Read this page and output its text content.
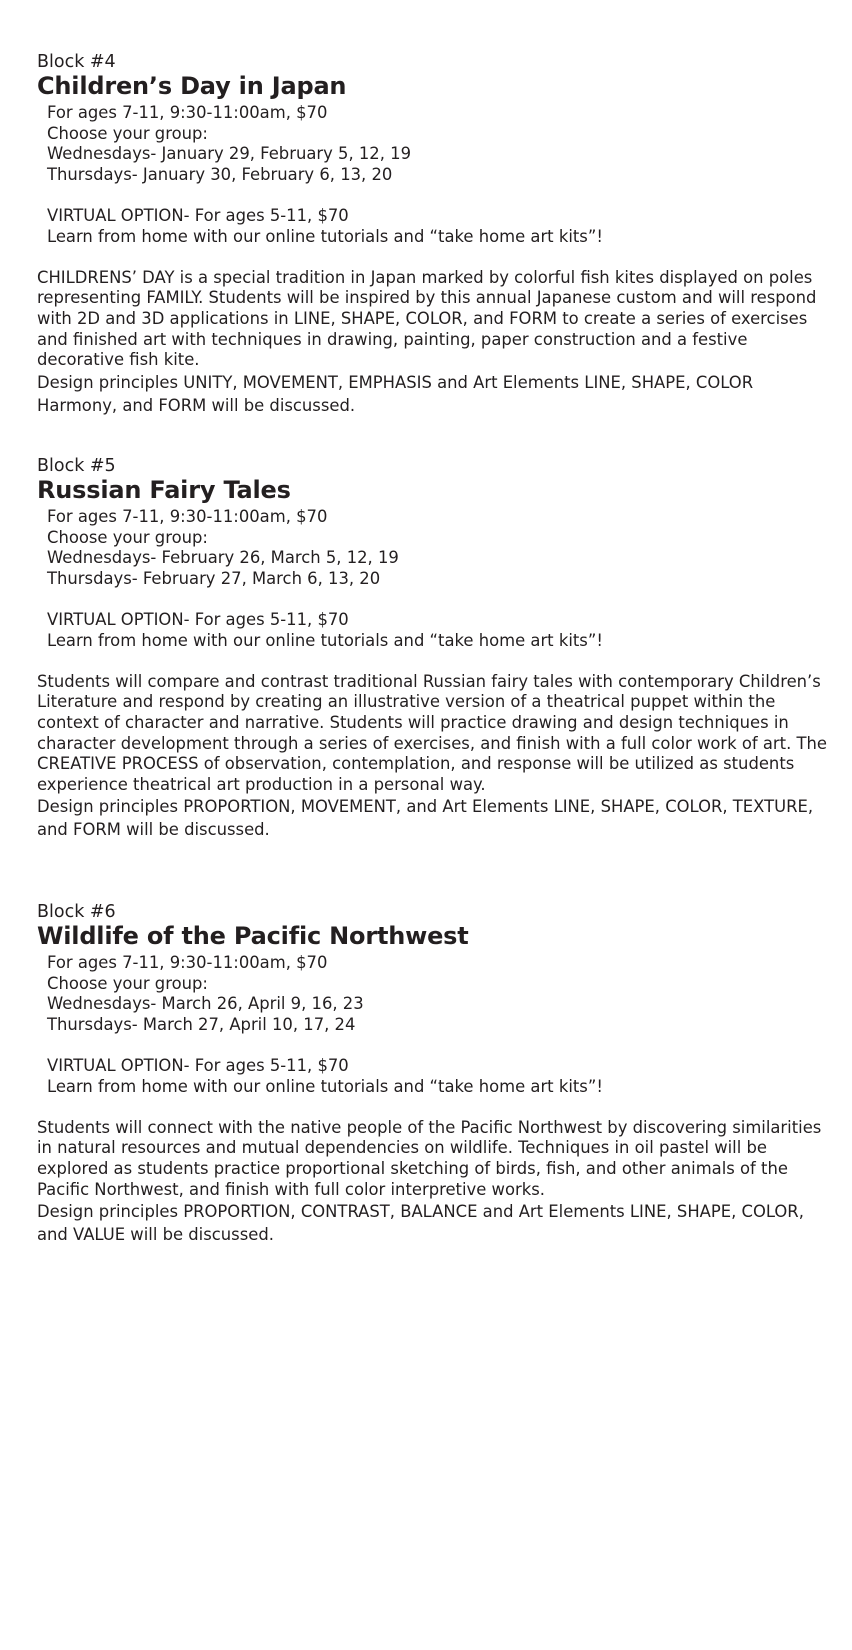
Block #4
Children’s Day in Japan
For ages 7-11, 9:30-11:00am, $70
Choose your group:
Wednesdays- January 29, February 5, 12, 19
Thursdays- January 30, February 6, 13, 20
VIRTUAL OPTION- For ages 5-11, $70
Learn from home with our online tutorials and “take home art kits”!

CHILDRENS’ DAY is a special tradition in Japan marked by colorful fish kites displayed on poles representing FAMILY. Students will be inspired by this annual Japanese custom and will respond with 2D and 3D applications in LINE, SHAPE, COLOR, and FORM to create a series of exercises and finished art with techniques in drawing, painting, paper construction and a festive decorative fish kite.

Design principles UNITY, MOVEMENT, EMPHASIS and Art Elements LINE, SHAPE, COLOR Harmony, and FORM will be discussed.

Block #5
Russian Fairy Tales
For ages 7-11, 9:30-11:00am, $70
Choose your group:
Wednesdays- February 26, March 5, 12, 19
Thursdays- February 27, March 6, 13, 20
VIRTUAL OPTION- For ages 5-11, $70
Learn from home with our online tutorials and “take home art kits”!

Students will compare and contrast traditional Russian fairy tales with contemporary Children’s Literature and respond by creating an illustrative version of a theatrical puppet within the context of character and narrative. Students will practice drawing and design techniques in character development through a series of exercises, and finish with a full color work of art. The CREATIVE PROCESS of observation, contemplation, and response will be utilized as students experience theatrical art production in a personal way.

Design principles PROPORTION, MOVEMENT, and Art Elements LINE, SHAPE, COLOR, TEXTURE, and FORM will be discussed.

Block #6
Wildlife of the Pacific Northwest
For ages 7-11, 9:30-11:00am, $70
Choose your group:
Wednesdays- March 26, April 9, 16, 23
Thursdays- March 27, April 10, 17, 24
VIRTUAL OPTION- For ages 5-11, $70
Learn from home with our online tutorials and “take home art kits”!

Students will connect with the native people of the Pacific Northwest by discovering similarities in natural resources and mutual dependencies on wildlife. Techniques in oil pastel will be explored as students practice proportional sketching of birds, fish, and other animals of the Pacific Northwest, and finish with full color interpretive works.

Design principles PROPORTION, CONTRAST, BALANCE and Art Elements LINE, SHAPE, COLOR, and VALUE will be discussed.
